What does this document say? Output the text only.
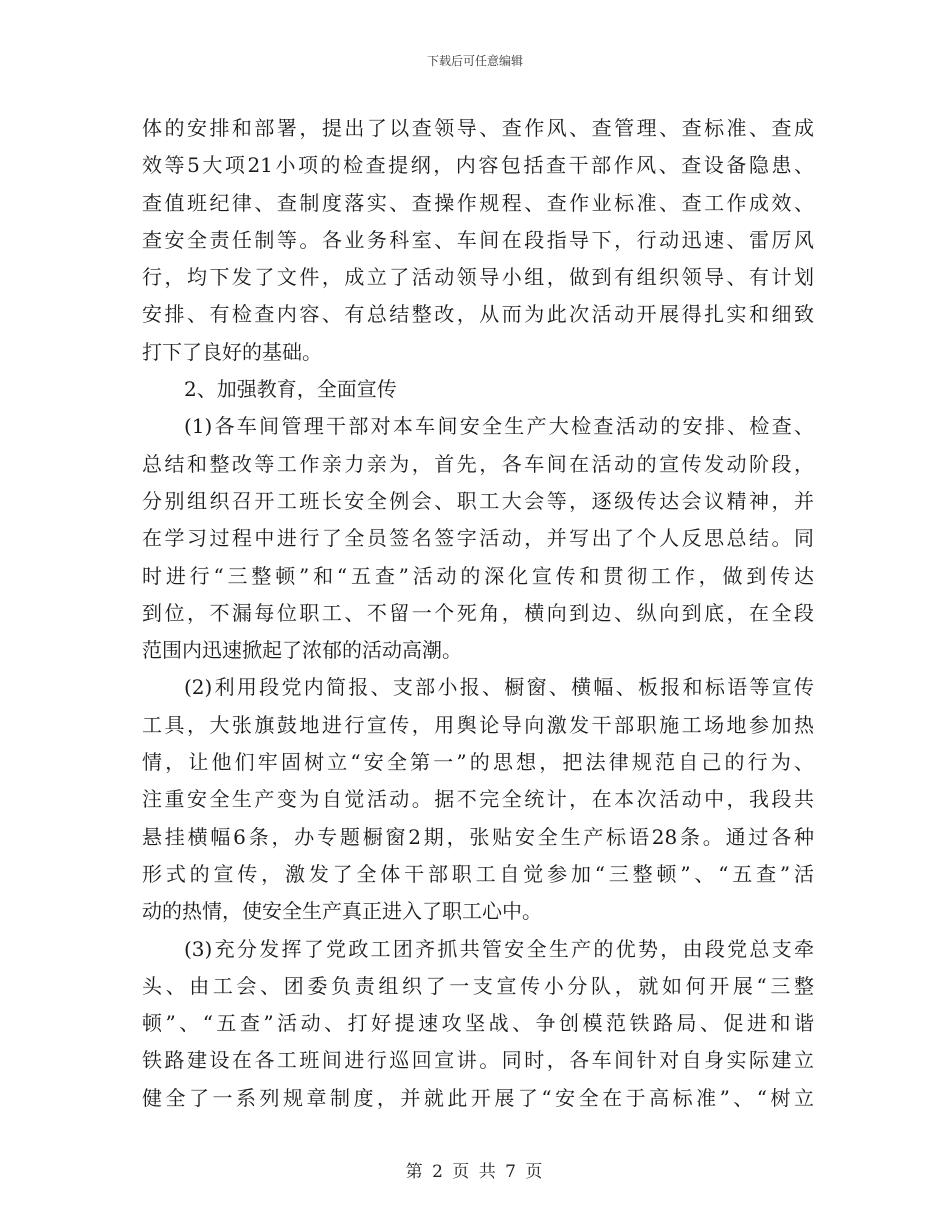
下载后可任意编辑
体的安排和部署，提出了以查领导、查作风、查管理、查标准、查成
效等5大项21小项的检查提纲，内容包括查干部作风、查设备隐患、
查值班纪律、查制度落实、查操作规程、查作业标准、查工作成效、
查安全责任制等。各业务科室、车间在段指导下，行动迅速、雷厉风
行，均下发了文件，成立了活动领导小组，做到有组织领导、有计划
安排、有检查内容、有总结整改，从而为此次活动开展得扎实和细致
打下了良好的基础。
2、加强教育，全面宣传
(1)各车间管理干部对本车间安全生产大检查活动的安排、检查、
总结和整改等工作亲力亲为，首先，各车间在活动的宣传发动阶段，
分别组织召开工班长安全例会、职工大会等，逐级传达会议精神，并
在学习过程中进行了全员签名签字活动，并写出了个人反思总结。同
时进行“三整顿”和“五查”活动的深化宣传和贯彻工作，做到传达
到位，不漏每位职工、不留一个死角，横向到边、纵向到底，在全段
范围内迅速掀起了浓郁的活动高潮。
(2)利用段党内简报、支部小报、橱窗、横幅、板报和标语等宣传
工具，大张旗鼓地进行宣传，用舆论导向激发干部职施工场地参加热
情，让他们牢固树立“安全第一”的思想，把法律规范自己的行为、
注重安全生产变为自觉活动。据不完全统计，在本次活动中，我段共
悬挂横幅6条，办专题橱窗2期，张贴安全生产标语28条。通过各种
形式的宣传，激发了全体干部职工自觉参加“三整顿”、“五查”活
动的热情，使安全生产真正进入了职工心中。
(3)充分发挥了党政工团齐抓共管安全生产的优势，由段党总支牵
头、由工会、团委负责组织了一支宣传小分队，就如何开展“三整
顿”、“五查”活动、打好提速攻坚战、争创模范铁路局、促进和谐
铁路建设在各工班间进行巡回宣讲。同时，各车间针对自身实际建立
健全了一系列规章制度，并就此开展了“安全在于高标准”、“树立
第 2 页 共 7 页
